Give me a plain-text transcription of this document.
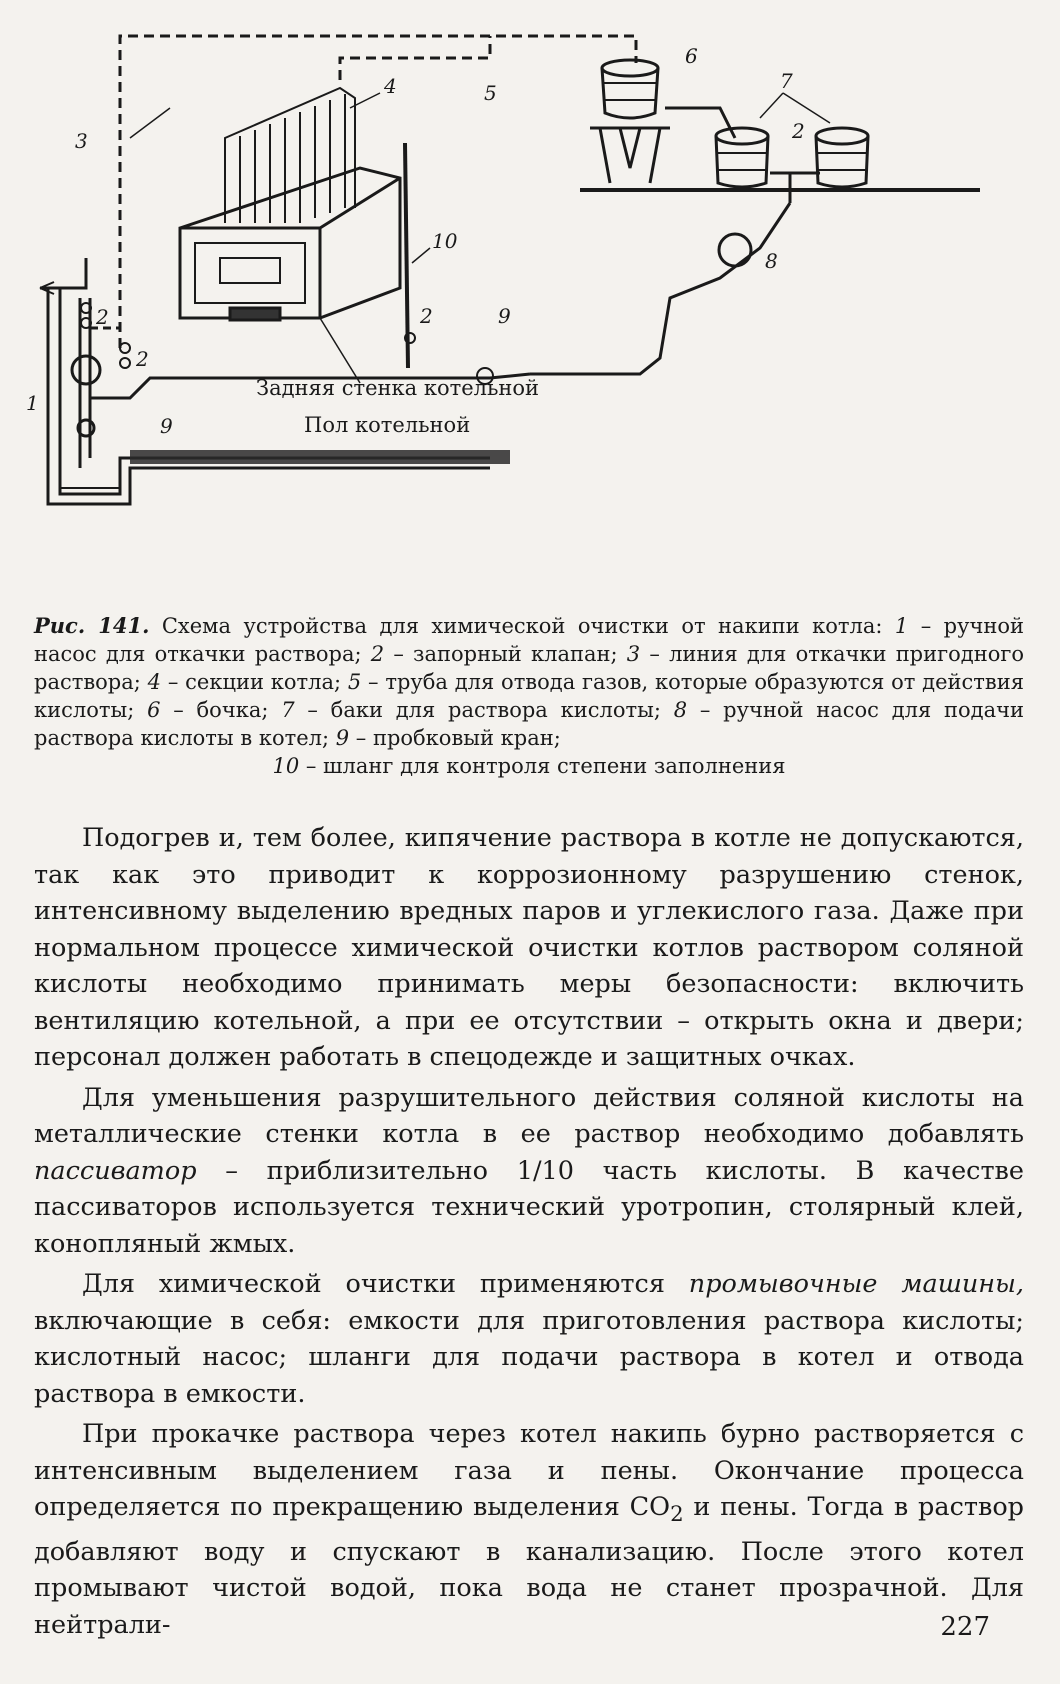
1
2
2
2
2
3
4	5
6
7
8
9
9
10
Задняя стенка котельной
Пол котельной
Рис. 141. Схема устройства для химической очистки от накипи котла: 1 – ручной насос для откачки раствора; 2 – запорный клапан; 3 – линия для откачки пригодного раствора; 4 – секции котла; 5 – труба для отвода газов, которые образуются от действия кислоты; 6 – бочка; 7 – баки для раствора кислоты; 8 – ручной насос для подачи раствора кислоты в котел; 9 – пробковый кран;
10 – шланг для контроля степени заполнения

Подогрев и, тем более, кипячение раствора в котле не допускаются, так как это приводит к коррозионному разрушению стенок, интенсивному выделению вредных паров и углекислого газа. Даже при нормальном процессе химической очистки котлов раствором соляной кислоты необходимо принимать меры безопасности: включить вентиляцию котельной, а при ее отсутствии – открыть окна и двери; персонал должен работать в спецодежде и защитных очках.

Для уменьшения разрушительного действия соляной кислоты на металлические стенки котла в ее раствор необходимо добавлять пассиватор – приблизительно 1/10 часть кислоты. В качестве пассиваторов используется технический уротропин, столярный клей, конопляный жмых.

Для химической очистки применяются промывочные машины, включающие в себя: емкости для приготовления раствора кислоты; кислотный насос; шланги для подачи раствора в котел и отвода раствора в емкости.

При прокачке раствора через котел накипь бурно растворяется с интенсивным выделением газа и пены. Окончание процесса определяется по прекращению выделения $CO_2$ и пены. Тогда в раствор добавляют воду и спускают в канализацию. После этого котел промывают чистой водой, пока вода не станет прозрачной. Для нейтрали-	227
